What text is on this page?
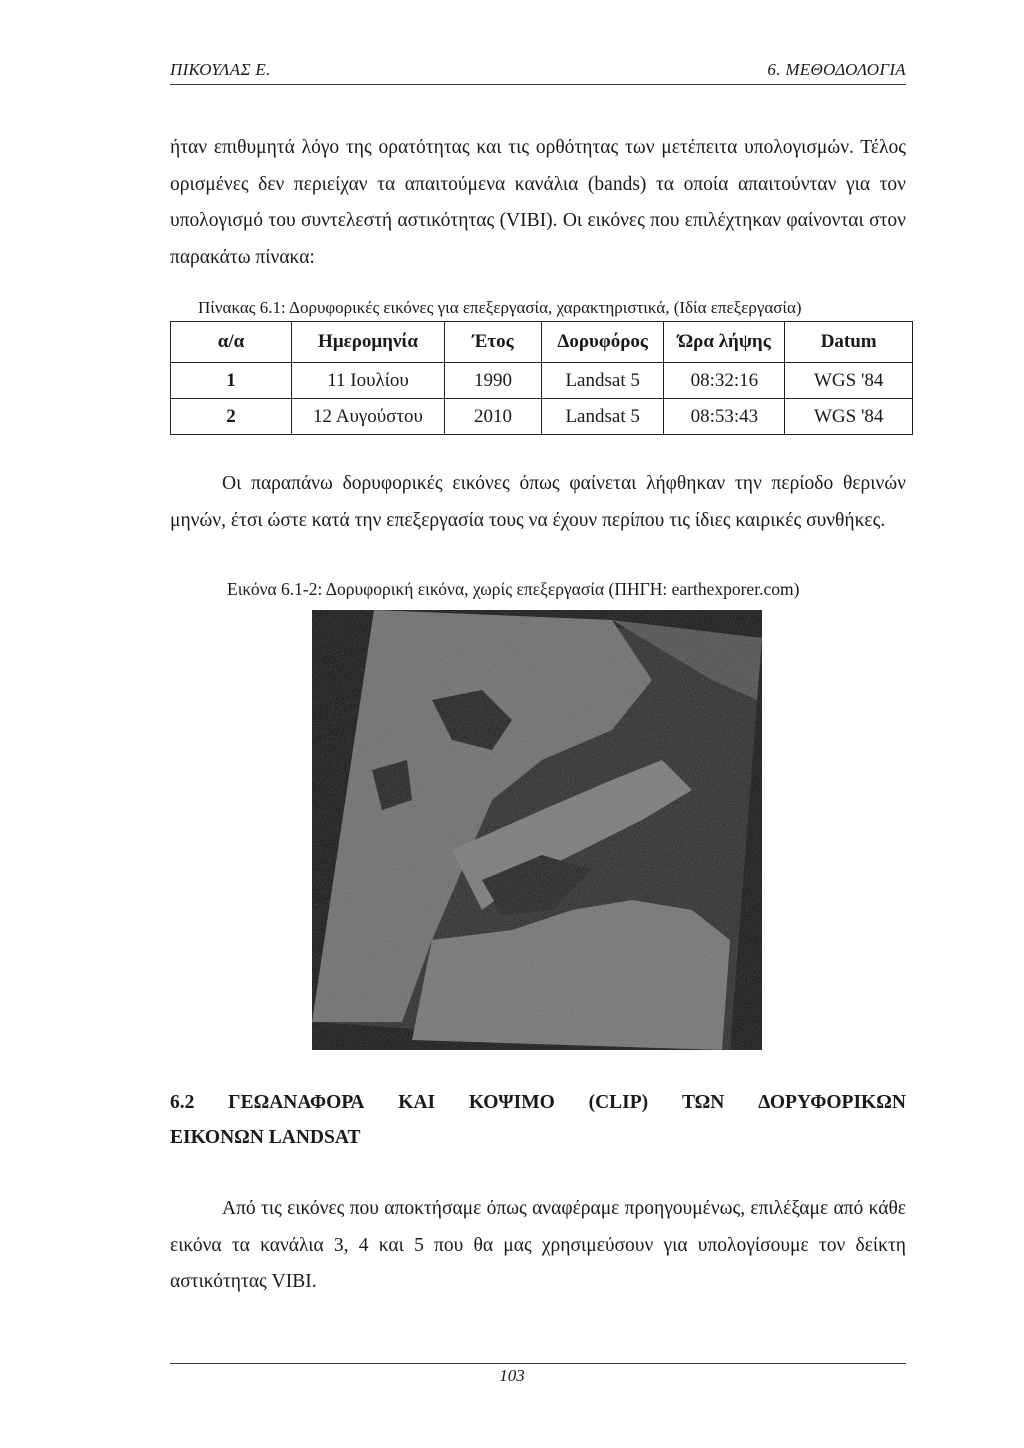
ΠΙΚΟΥΛΑΣ Ε.	6. ΜΕΘΟΔΟΛΟΓΙΑ

ήταν επιθυμητά λόγο της ορατότητας και τις ορθότητας των μετέπειτα υπολογισμών. Τέλος ορισμένες δεν περιείχαν τα απαιτούμενα κανάλια (bands) τα οποία απαιτούνταν για τον υπολογισμό του συντελεστή αστικότητας (VIBI). Οι εικόνες που επιλέχτηκαν φαίνονται στον παρακάτω πίνακα:

Πίνακας 6.1: Δορυφορικές εικόνες για επεξεργασία, χαρακτηριστικά, (Ιδία επεξεργασία)
α/α	Ημερομηνία	Έτος	Δορυφόρος	Ώρα λήψης	Datum
1	11 Ιουλίου	1990	Landsat 5	08:32:16	WGS '84
2	12 Αυγούστου	2010	Landsat 5	08:53:43	WGS '84

Οι παραπάνω δορυφορικές εικόνες όπως φαίνεται λήφθηκαν την περίοδο θερινών μηνών, έτσι ώστε κατά την επεξεργασία τους να έχουν περίπου τις ίδιες καιρικές συνθήκες.

Εικόνα 6.1-2: Δορυφορική εικόνα, χωρίς επεξεργασία (ΠΗΓΗ: earthexporer.com)
6.2 ΓΕΩΑΝΑΦΟΡΑ ΚΑΙ ΚΟΨΙΜΟ (CLIP) ΤΩΝ ΔΟΡΥΦΟΡΙΚΩΝ
ΕΙΚΟΝΩΝ LANDSAT

Από τις εικόνες που αποκτήσαμε όπως αναφέραμε προηγουμένως, επιλέξαμε από κάθε εικόνα τα κανάλια 3, 4 και 5 που θα μας χρησιμεύσουν για υπολογίσουμε τον δείκτη αστικότητας VIBI.

103
